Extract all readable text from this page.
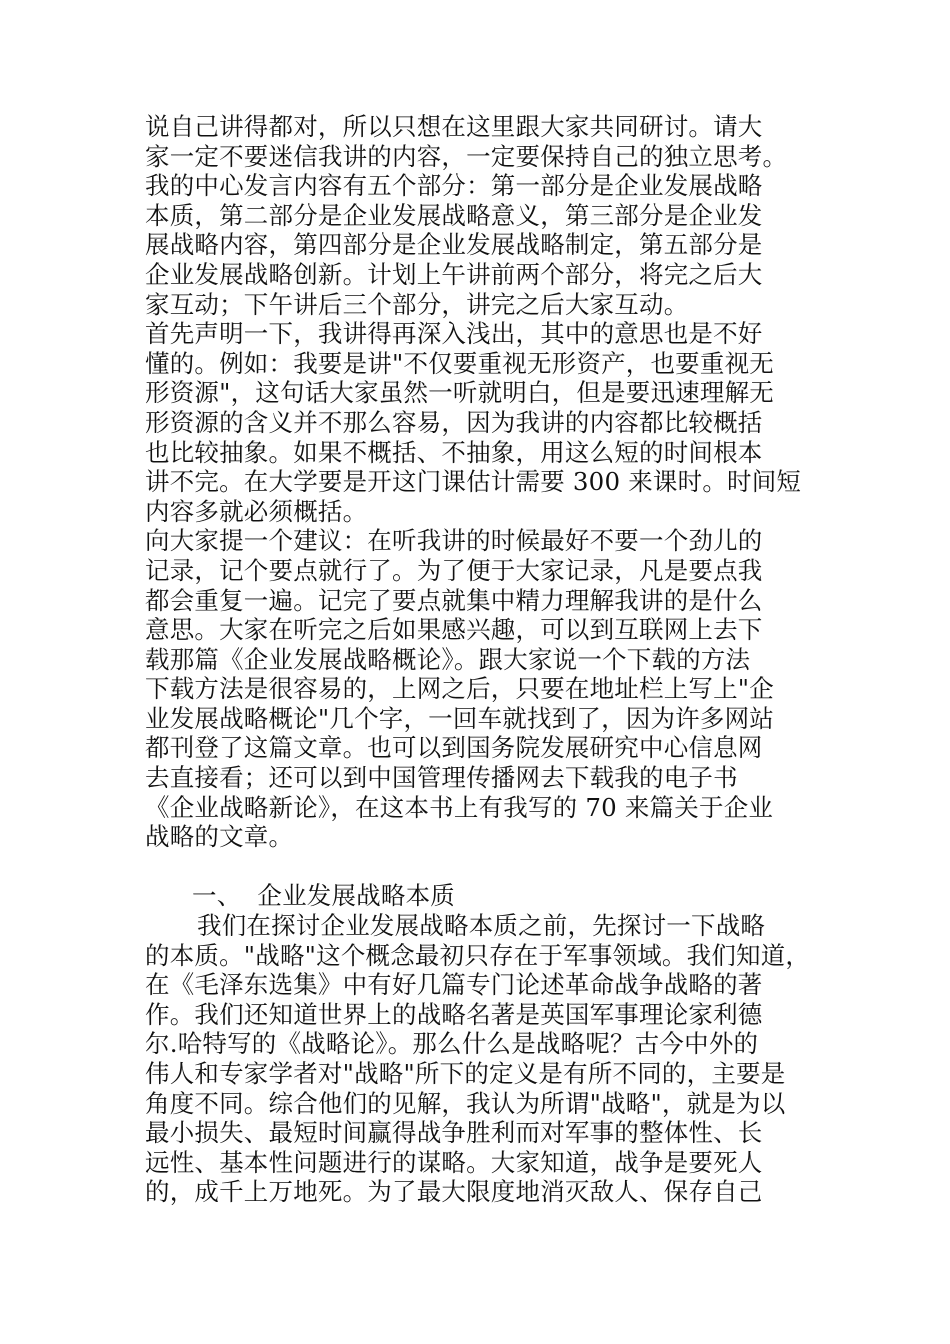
说自己讲得都对，所以只想在这里跟大家共同研讨。请大
家一定不要迷信我讲的内容，一定要保持自己的独立思考。
我的中心发言内容有五个部分：第一部分是企业发展战略
本质，第二部分是企业发展战略意义，第三部分是企业发
展战略内容，第四部分是企业发展战略制定，第五部分是
企业发展战略创新。计划上午讲前两个部分，将完之后大
家互动；下午讲后三个部分，讲完之后大家互动。
首先声明一下，我讲得再深入浅出，其中的意思也是不好
懂的。例如：我要是讲"不仅要重视无形资产，也要重视无
形资源"，这句话大家虽然一听就明白，但是要迅速理解无
形资源的含义并不那么容易，因为我讲的内容都比较概括
也比较抽象。如果不概括、不抽象，用这么短的时间根本
讲不完。在大学要是开这门课估计需要 300 来课时。时间短
内容多就必须概括。
向大家提一个建议：在听我讲的时候最好不要一个劲儿的
记录，记个要点就行了。为了便于大家记录，凡是要点我
都会重复一遍。记完了要点就集中精力理解我讲的是什么
意思。大家在听完之后如果感兴趣，可以到互联网上去下
载那篇《企业发展战略概论》。跟大家说一个下载的方法
下载方法是很容易的，上网之后，只要在地址栏上写上"企
业发展战略概论"几个字，一回车就找到了，因为许多网站
都刊登了这篇文章。也可以到国务院发展研究中心信息网
去直接看；还可以到中国管理传播网去下载我的电子书
《企业战略新论》，在这本书上有我写的 70 来篇关于企业
战略的文章。
一、  企业发展战略本质
我们在探讨企业发展战略本质之前，先探讨一下战略
的本质。"战略"这个概念最初只存在于军事领域。我们知道，
在《毛泽东选集》中有好几篇专门论述革命战争战略的著
作。我们还知道世界上的战略名著是英国军事理论家利德
尔.哈特写的《战略论》。那么什么是战略呢？古今中外的
伟人和专家学者对"战略"所下的定义是有所不同的，主要是
角度不同。综合他们的见解，我认为所谓"战略"，就是为以
最小损失、最短时间赢得战争胜利而对军事的整体性、长
远性、基本性问题进行的谋略。大家知道，战争是要死人
的，成千上万地死。为了最大限度地消灭敌人、保存自己
